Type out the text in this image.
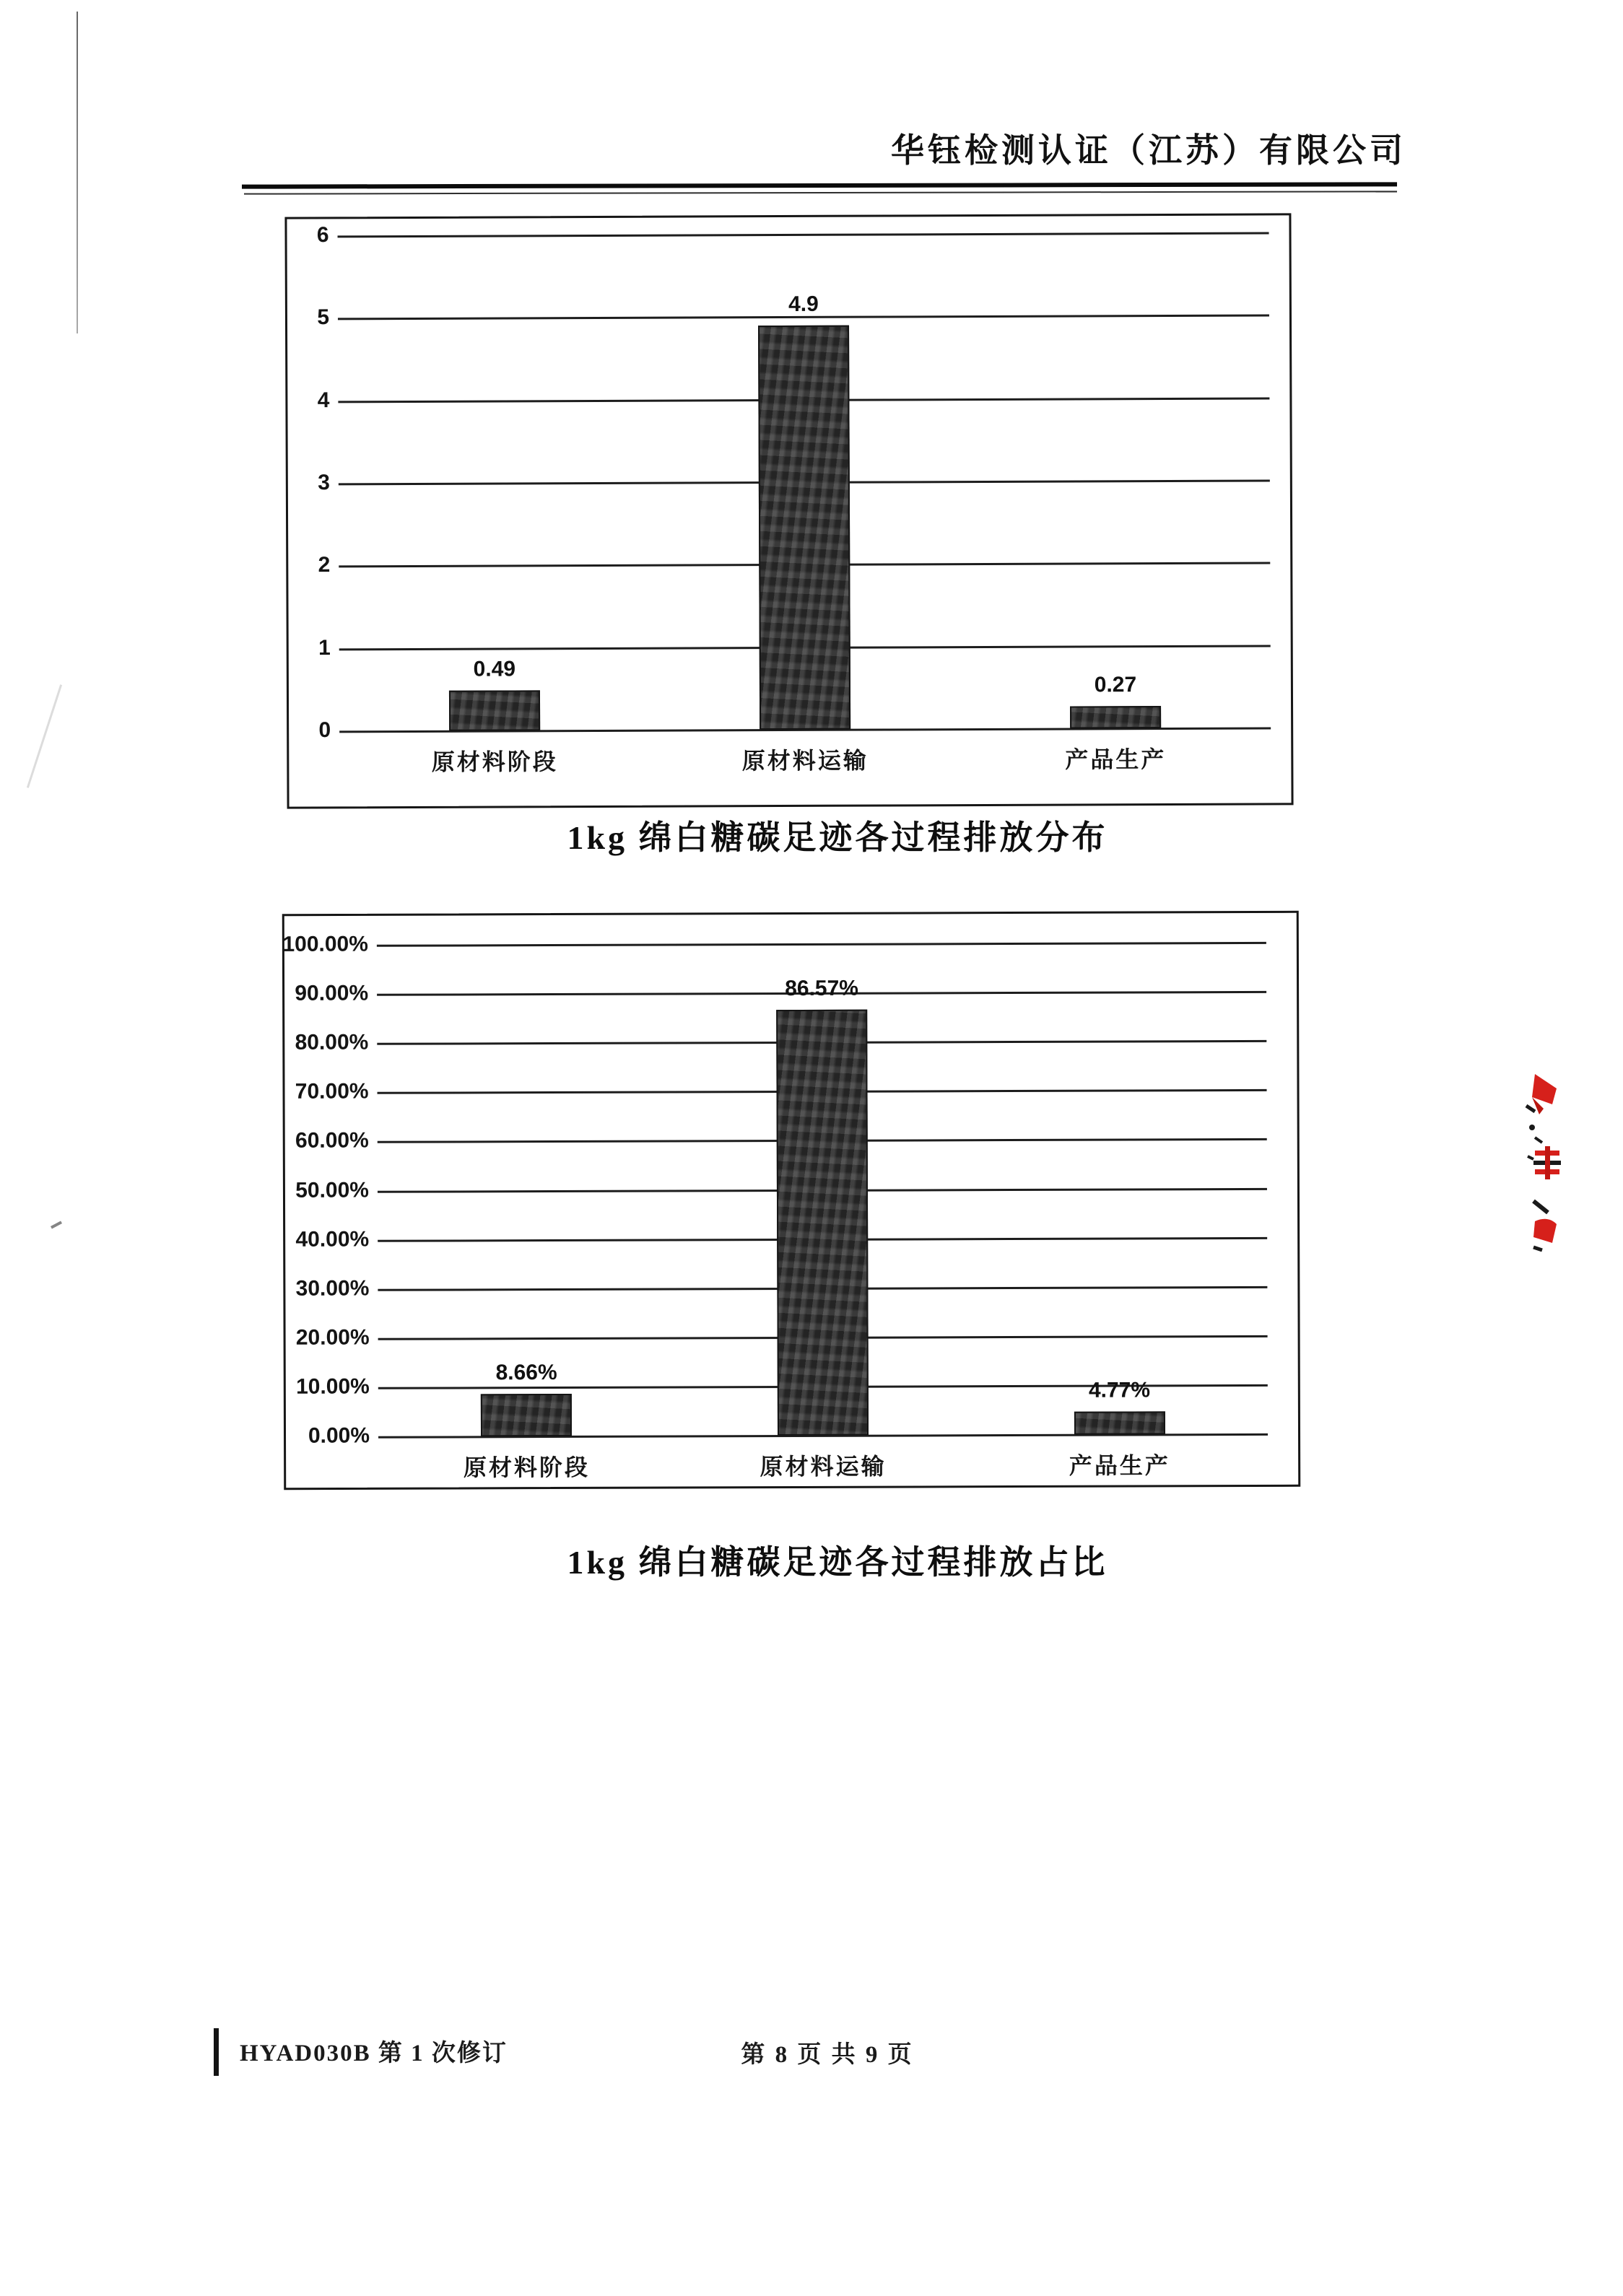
华钰检测认证（江苏）有限公司
6
5
4
3
2
1
0
0.49
原材料阶段
4.9
原材料运输
0.27
产品生产
1kg 绵白糖碳足迹各过程排放分布
100.00%
90.00%
80.00%
70.00%
60.00%
50.00%
40.00%
30.00%
20.00%
10.00%
0.00%
8.66%
原材料阶段
86.57%
原材料运输
4.77%
产品生产
1kg 绵白糖碳足迹各过程排放占比
HYAD030B 第 1 次修订	第 8 页 共 9 页
